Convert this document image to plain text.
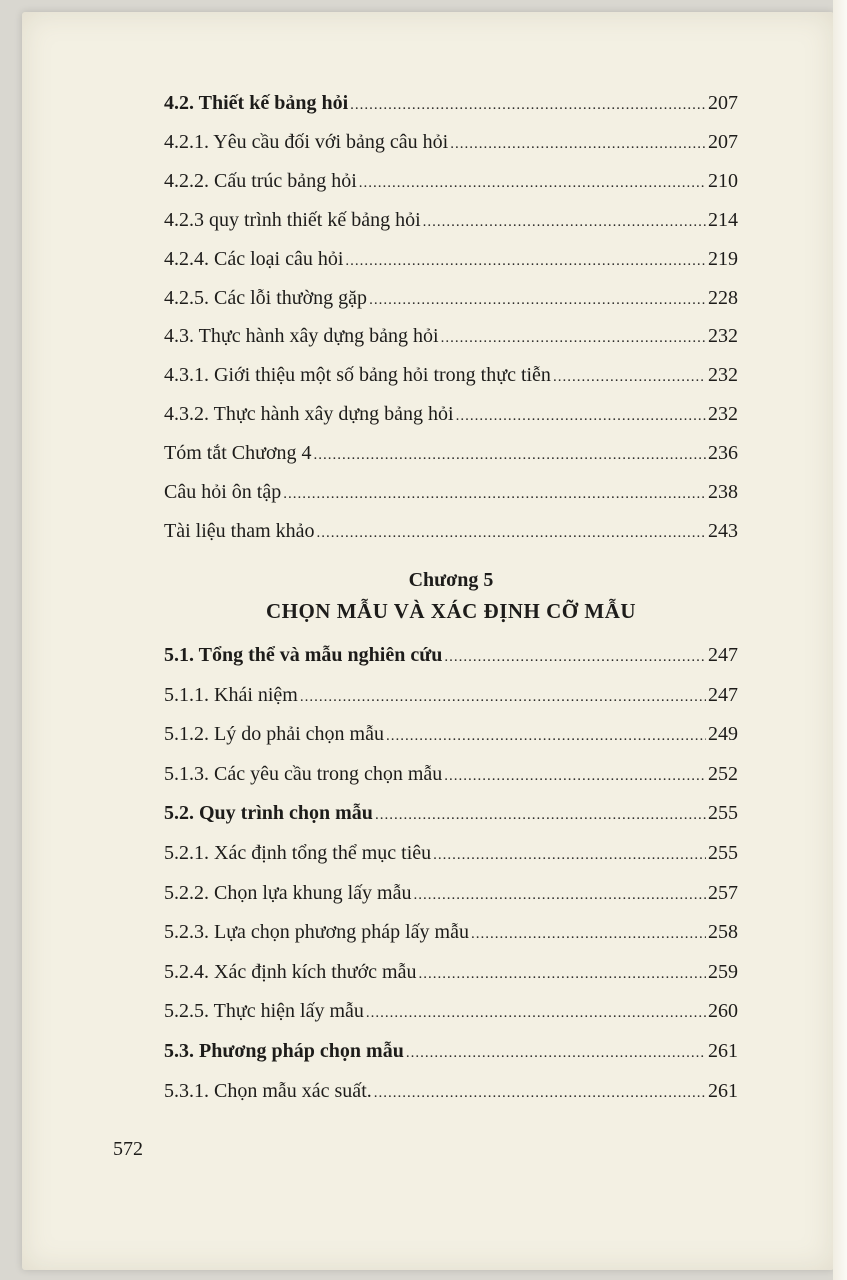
4.2. Thiết kế bảng hỏi .....	207
4.2.1. Yêu cầu đối với bảng câu hỏi .....	207
4.2.2. Cấu trúc bảng hỏi .....	210
4.2.3 quy trình thiết kế bảng hỏi .....	214
4.2.4. Các loại câu hỏi .....	219
4.2.5. Các lỗi thường gặp .....	228
4.3. Thực hành xây dựng bảng hỏi .....	232
4.3.1. Giới thiệu một số bảng hỏi trong thực tiễn .....	232
4.3.2. Thực hành xây dựng bảng hỏi .....	232
Tóm tắt Chương 4 .....	236
Câu hỏi ôn tập .....	238
Tài liệu tham khảo .....	243
Chương 5
CHỌN MẪU VÀ XÁC ĐỊNH CỠ MẪU
5.1. Tổng thể và mẫu nghiên cứu .....	247
5.1.1. Khái niệm .....	247
5.1.2. Lý do phải chọn mẫu .....	249
5.1.3. Các yêu cầu trong chọn mẫu .....	252
5.2. Quy trình chọn mẫu .....	255
5.2.1. Xác định tổng thể mục tiêu .....	255
5.2.2. Chọn lựa khung lấy mẫu .....	257
5.2.3. Lựa chọn phương pháp lấy mẫu .....	258
5.2.4. Xác định kích thước mẫu .....	259
5.2.5. Thực hiện lấy mẫu .....	260
5.3. Phương pháp chọn mẫu .....	261
5.3.1. Chọn mẫu xác suất. .....	261
572
